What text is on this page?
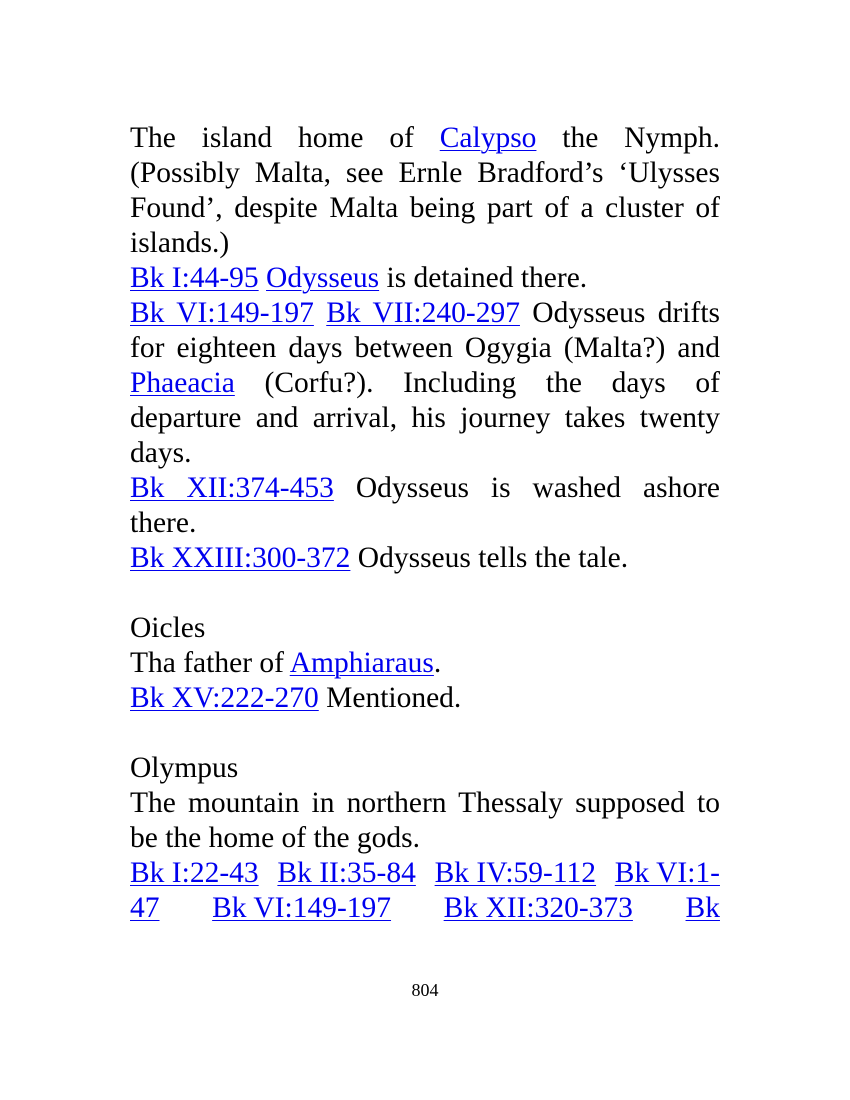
The island home of Calypso the Nymph.
(Possibly Malta, see Ernle Bradford’s ‘Ulysses
Found’, despite Malta being part of a cluster of
islands.)
Bk I:44-95 Odysseus is detained there.
Bk VI:149-197 Bk VII:240-297 Odysseus drifts
for eighteen days between Ogygia (Malta?) and
Phaeacia (Corfu?). Including the days of
departure and arrival, his journey takes twenty
days.
Bk XII:374-453 Odysseus is washed ashore
there.
Bk XXIII:300-372 Odysseus tells the tale.
Oicles
Tha father of Amphiaraus.
Bk XV:222-270 Mentioned.
Olympus
The mountain in northern Thessaly supposed to
be the home of the gods.
Bk I:22-43 Bk II:35-84 Bk IV:59-112 Bk VI:1-
47 Bk VI:149-197 Bk XII:320-373 Bk
804
